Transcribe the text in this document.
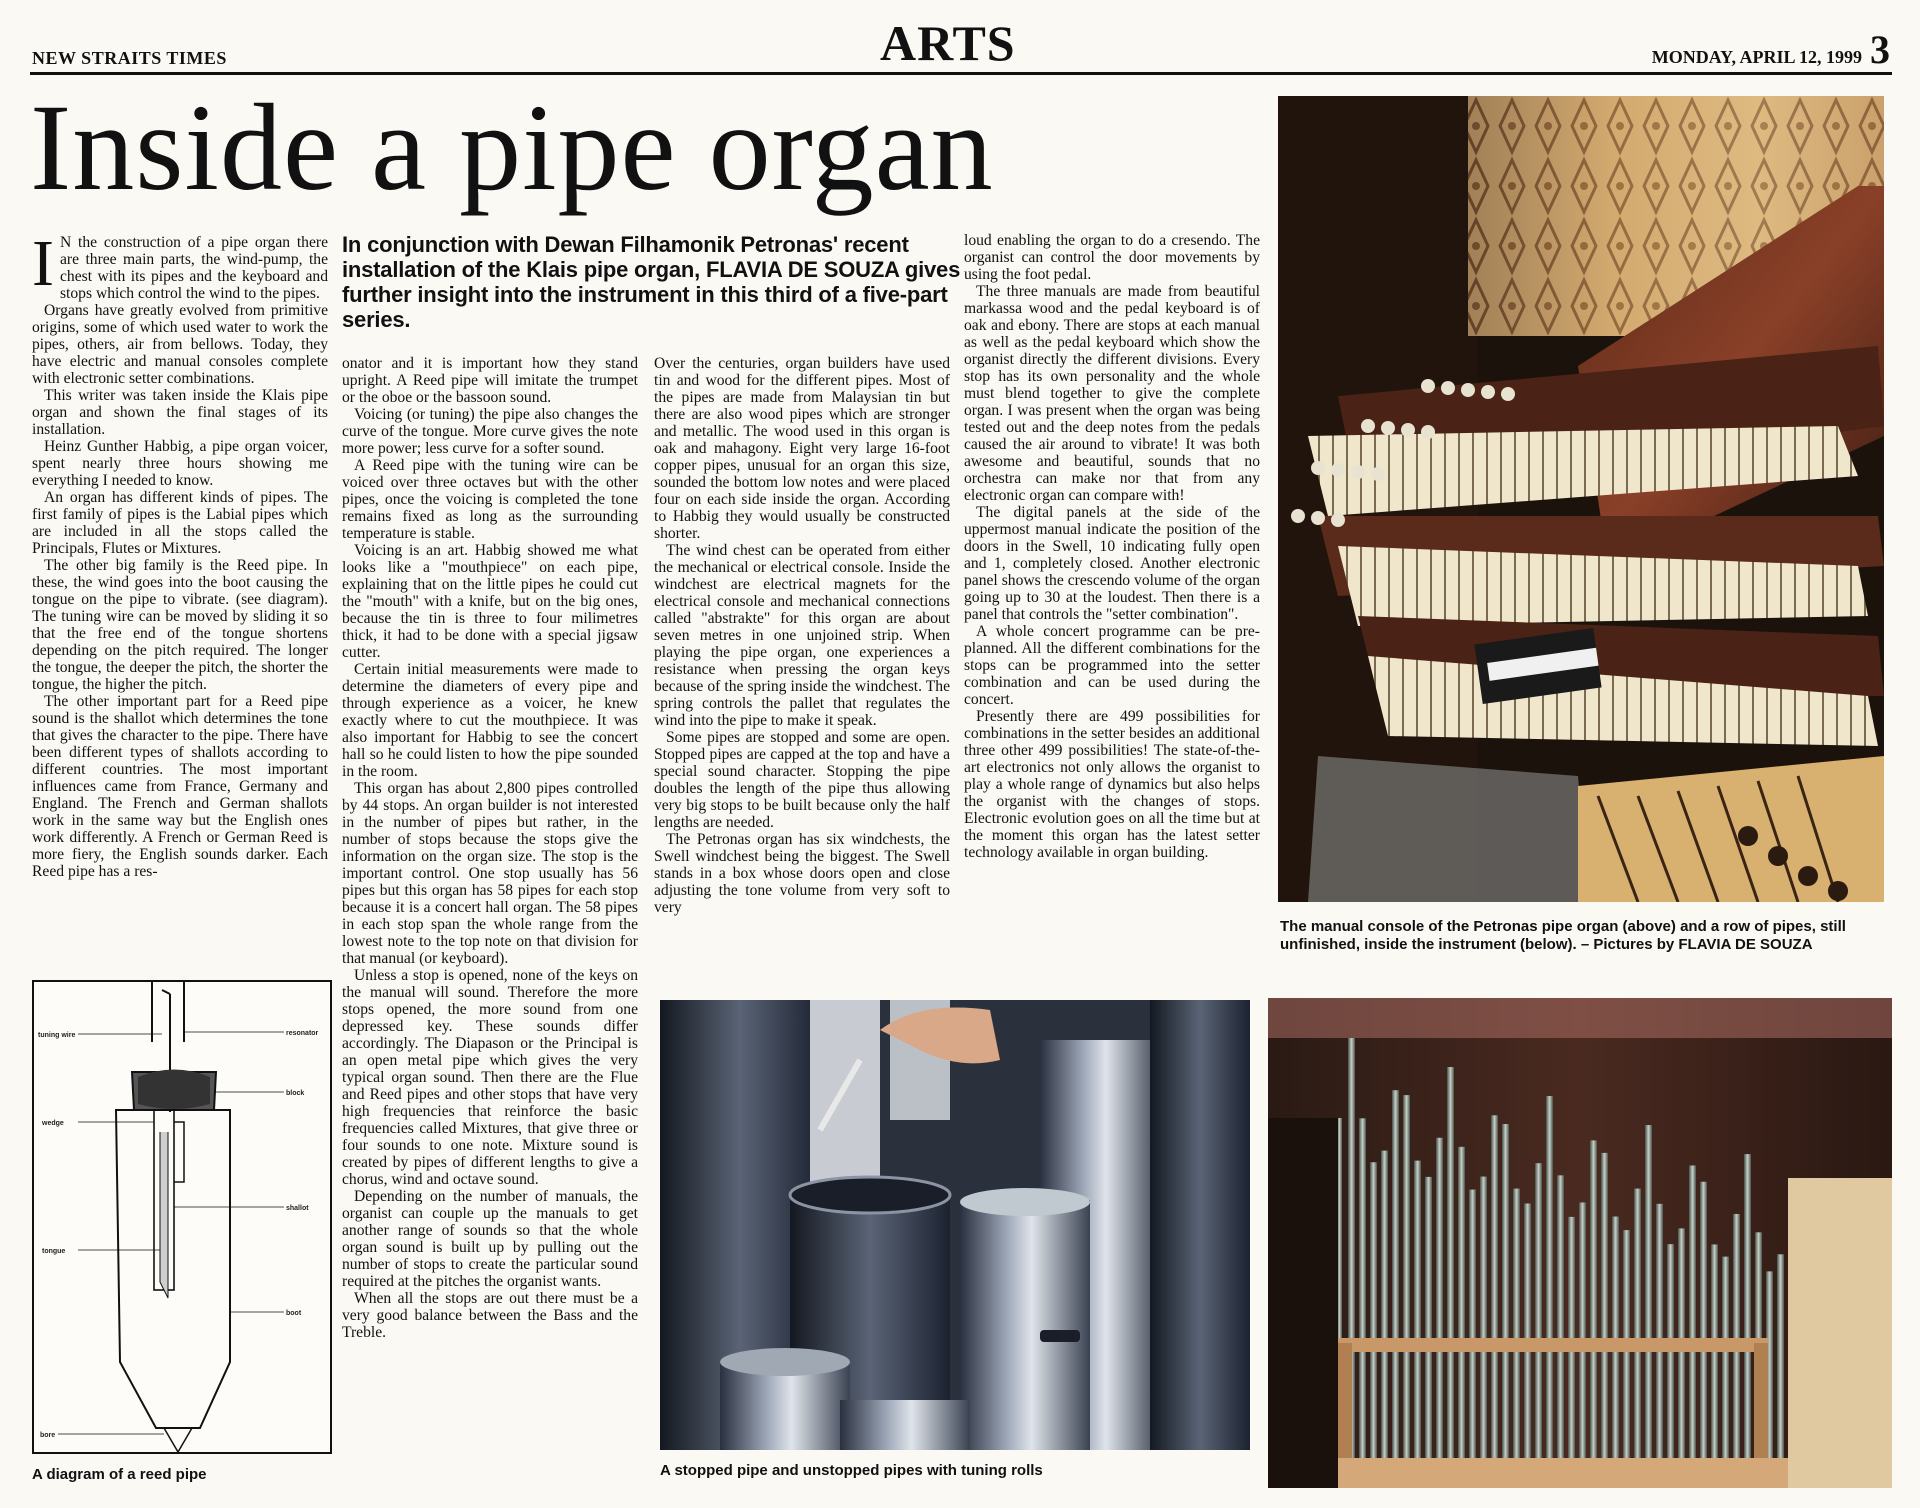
NEW STRAITS TIMES	ARTS	MONDAY, APRIL 12, 1999 3
Inside a pipe organ

I N the construction of a pipe organ there are three main parts, the wind-pump, the chest with its pipes and the keyboard and stops which control the wind to the pipes.

Organs have greatly evolved from primitive origins, some of which used water to work the pipes, others, air from bellows. Today, they have electric and manual consoles complete with electronic setter combinations.

This writer was taken inside the Klais pipe organ and shown the final stages of its installation.

Heinz Gunther Habbig, a pipe organ voicer, spent nearly three hours showing me everything I needed to know.

An organ has different kinds of pipes. The first family of pipes is the Labial pipes which are included in all the stops called the Principals, Flutes or Mixtures.

The other big family is the Reed pipe. In these, the wind goes into the boot causing the tongue on the pipe to vibrate. (see diagram). The tuning wire can be moved by sliding it so that the free end of the tongue shortens depending on the pitch required. The longer the tongue, the deeper the pitch, the shorter the tongue, the higher the pitch.

The other important part for a Reed pipe sound is the shallot which determines the tone that gives the character to the pipe. There have been different types of shallots according to different countries. The most important influences came from France, Germany and England. The French and German shallots work in the same way but the English ones work differently. A French or German Reed is more fiery, the English sounds darker. Each Reed pipe has a res-

In conjunction with Dewan Filhamonik Petronas' recent installation of the Klais pipe organ, FLAVIA DE SOUZA gives further insight into the instrument in this third of a five-part series.

onator and it is important how they stand upright. A Reed pipe will imitate the trumpet or the oboe or the bassoon sound.

Voicing (or tuning) the pipe also changes the curve of the tongue. More curve gives the note more power; less curve for a softer sound.

A Reed pipe with the tuning wire can be voiced over three octaves but with the other pipes, once the voicing is completed the tone remains fixed as long as the surrounding temperature is stable.

Voicing is an art. Habbig showed me what looks like a "mouthpiece" on each pipe, explaining that on the little pipes he could cut the "mouth" with a knife, but on the big ones, because the tin is three to four milimetres thick, it had to be done with a special jigsaw cutter.

Certain initial measurements were made to determine the diameters of every pipe and through experience as a voicer, he knew exactly where to cut the mouthpiece. It was also important for Habbig to see the concert hall so he could listen to how the pipe sounded in the room.

This organ has about 2,800 pipes controlled by 44 stops. An organ builder is not interested in the number of pipes but rather, in the number of stops because the stops give the information on the organ size. The stop is the important control. One stop usually has 56 pipes but this organ has 58 pipes for each stop because it is a concert hall organ. The 58 pipes in each stop span the whole range from the lowest note to the top note on that division for that manual (or keyboard).

Unless a stop is opened, none of the keys on the manual will sound. Therefore the more stops opened, the more sound from one depressed key. These sounds differ accordingly. The Diapason or the Principal is an open metal pipe which gives the very typical organ sound. Then there are the Flue and Reed pipes and other stops that have very high frequencies that reinforce the basic frequencies called Mixtures, that give three or four sounds to one note. Mixture sound is created by pipes of different lengths to give a chorus, wind and octave sound.

Depending on the number of manuals, the organist can couple up the manuals to get another range of sounds so that the whole organ sound is built up by pulling out the number of stops to create the particular sound required at the pitches the organist wants.

When all the stops are out there must be a very good balance between the Bass and the Treble.

Over the centuries, organ builders have used tin and wood for the different pipes. Most of the pipes are made from Malaysian tin but there are also wood pipes which are stronger and metallic. The wood used in this organ is oak and mahagony. Eight very large 16-foot copper pipes, unusual for an organ this size, sounded the bottom low notes and were placed four on each side inside the organ. According to Habbig they would usually be constructed shorter.

The wind chest can be operated from either the mechanical or electrical console. Inside the windchest are electrical magnets for the electrical console and mechanical connections called "abstrakte" for this organ are about seven metres in one unjoined strip. When playing the pipe organ, one experiences a resistance when pressing the organ keys because of the spring inside the windchest. The spring controls the pallet that regulates the wind into the pipe to make it speak.

Some pipes are stopped and some are open. Stopped pipes are capped at the top and have a special sound character. Stopping the pipe doubles the length of the pipe thus allowing very big stops to be built because only the half lengths are needed.

The Petronas organ has six windchests, the Swell windchest being the biggest. The Swell stands in a box whose doors open and close adjusting the tone volume from very soft to very

loud enabling the organ to do a cresendo. The organist can control the door movements by using the foot pedal.

The three manuals are made from beautiful markassa wood and the pedal keyboard is of oak and ebony. There are stops at each manual as well as the pedal keyboard which show the organist directly the different divisions. Every stop has its own personality and the whole must blend together to give the complete organ. I was present when the organ was being tested out and the deep notes from the pedals caused the air around to vibrate! It was both awesome and beautiful, sounds that no orchestra can make nor that from any electronic organ can compare with!

The digital panels at the side of the uppermost manual indicate the position of the doors in the Swell, 10 indicating fully open and 1, completely closed. Another electronic panel shows the crescendo volume of the organ going up to 30 at the loudest. Then there is a panel that controls the "setter combination".

A whole concert programme can be pre-planned. All the different combinations for the stops can be programmed into the setter combination and can be used during the concert.

Presently there are 499 possibilities for combinations in the setter besides an additional three other 499 possibilities! The state-of-the-art electronics not only allows the organist to play a whole range of dynamics but also helps the organist with the changes of stops. Electronic evolution goes on all the time but at the moment this organ has the latest setter technology available in organ building.

The manual console of the Petronas pipe organ (above) and a row of pipes, still unfinished, inside the instrument (below). – Pictures by FLAVIA DE SOUZA
tuning wire	resonator
block
wedge
shallot
tongue
boot
bore
A diagram of a reed pipe	A stopped pipe and unstopped pipes with tuning rolls
